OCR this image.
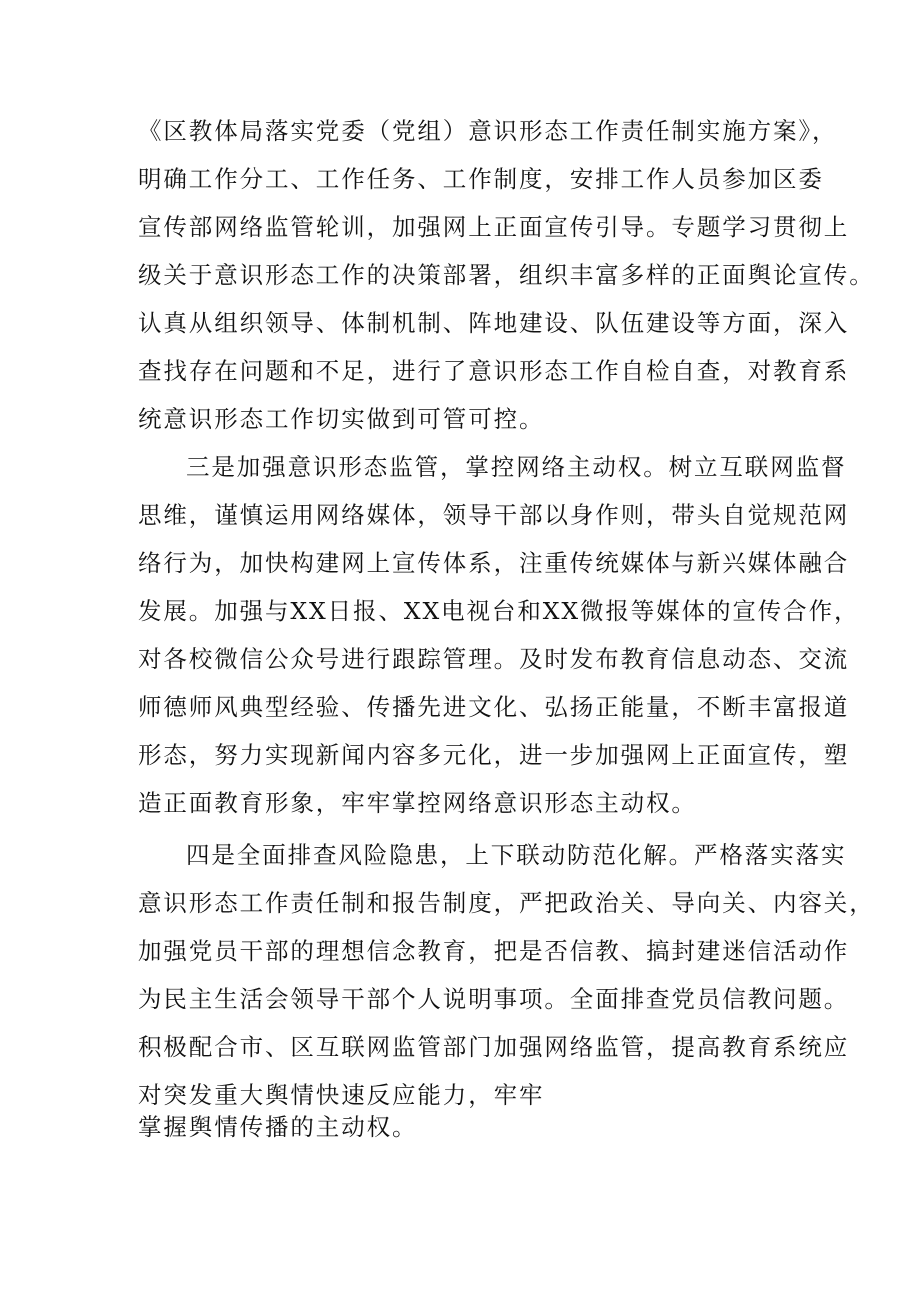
《区教体局落实党委（党组）意识形态工作责任制实施方案》，
明确工作分工、工作任务、工作制度，安排工作人员参加区委
宣传部网络监管轮训，加强网上正面宣传引导。专题学习贯彻上
级关于意识形态工作的决策部署，组织丰富多样的正面舆论宣传。
认真从组织领导、体制机制、阵地建设、队伍建设等方面，深入
查找存在问题和不足，进行了意识形态工作自检自查，对教育系
统意识形态工作切实做到可管可控。
三是加强意识形态监管，掌控网络主动权。树立互联网监督
思维，谨慎运用网络媒体，领导干部以身作则，带头自觉规范网
络行为，加快构建网上宣传体系，注重传统媒体与新兴媒体融合
发展。加强与XX日报、XX电视台和XX微报等媒体的宣传合作，
对各校微信公众号进行跟踪管理。及时发布教育信息动态、交流
师德师风典型经验、传播先进文化、弘扬正能量，不断丰富报道
形态，努力实现新闻内容多元化，进一步加强网上正面宣传，塑
造正面教育形象，牢牢掌控网络意识形态主动权。
四是全面排查风险隐患，上下联动防范化解。严格落实落实
意识形态工作责任制和报告制度，严把政治关、导向关、内容关，
加强党员干部的理想信念教育，把是否信教、搞封建迷信活动作
为民主生活会领导干部个人说明事项。全面排查党员信教问题。
积极配合市、区互联网监管部门加强网络监管，提高教育系统应
对突发重大舆情快速反应能力，牢牢
掌握舆情传播的主动权。
